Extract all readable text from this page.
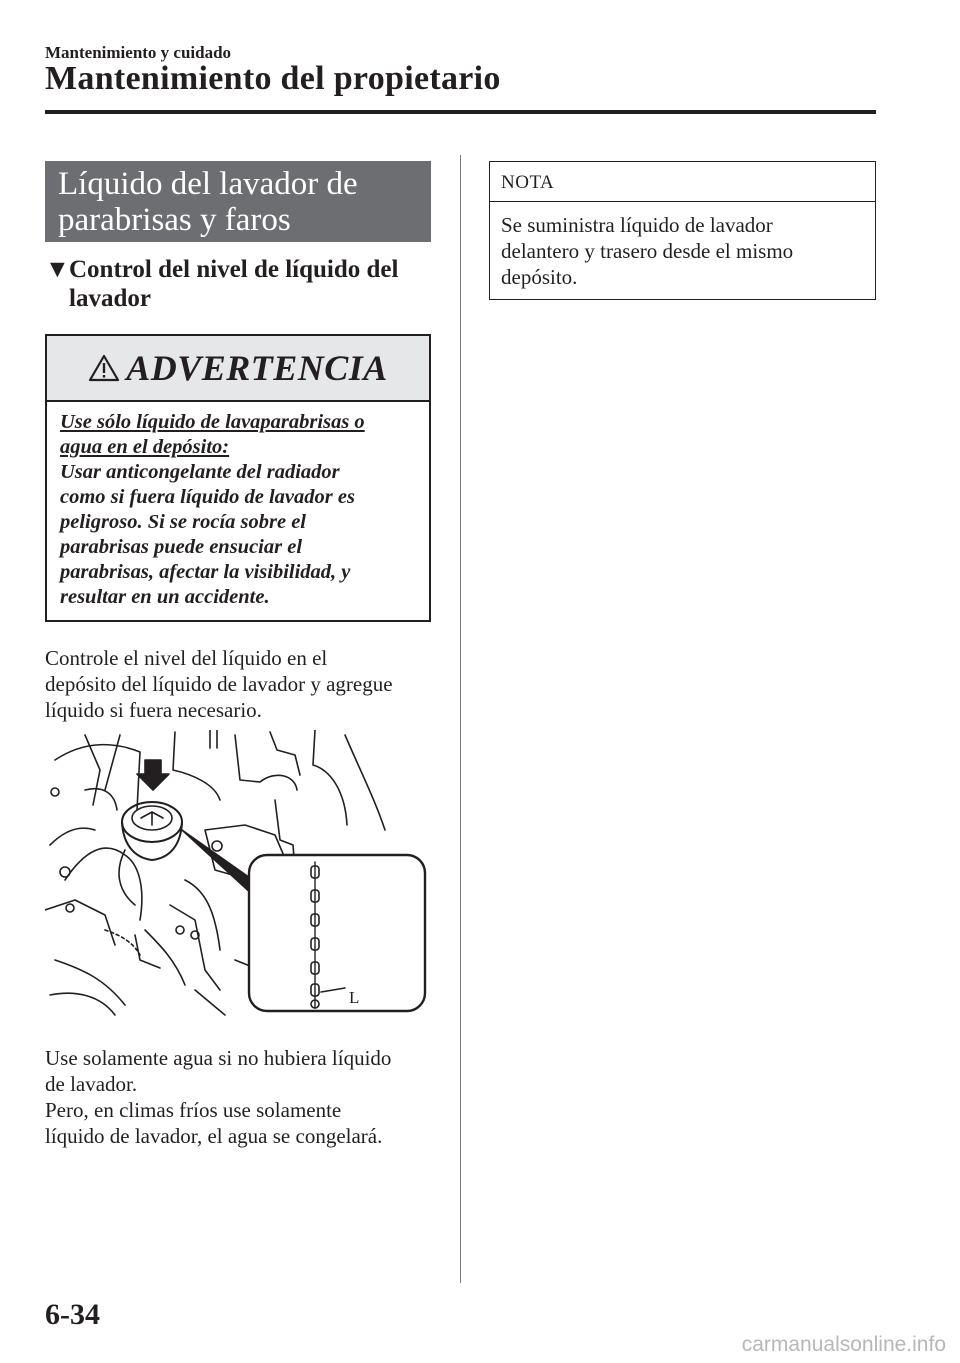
Mantenimiento y cuidado
Mantenimiento del propietario
Líquido del lavador de
parabrisas y faros
▼Control del nivel de líquido del
lavador
ADVERTENCIA
Use sólo líquido de lavaparabrisas o
agua en el depósito:
Usar anticongelante del radiador
como si fuera líquido de lavador es
peligroso. Si se rocía sobre el
parabrisas puede ensuciar el
parabrisas, afectar la visibilidad, y
resultar en un accidente.
Controle el nivel del líquido en el
depósito del líquido de lavador y agregue
líquido si fuera necesario.
L
Use solamente agua si no hubiera líquido
de lavador.
Pero, en climas fríos use solamente
líquido de lavador, el agua se congelará.
NOTA
Se suministra líquido de lavador
delantero y trasero desde el mismo
depósito.
6-34
carmanualsonline.info
